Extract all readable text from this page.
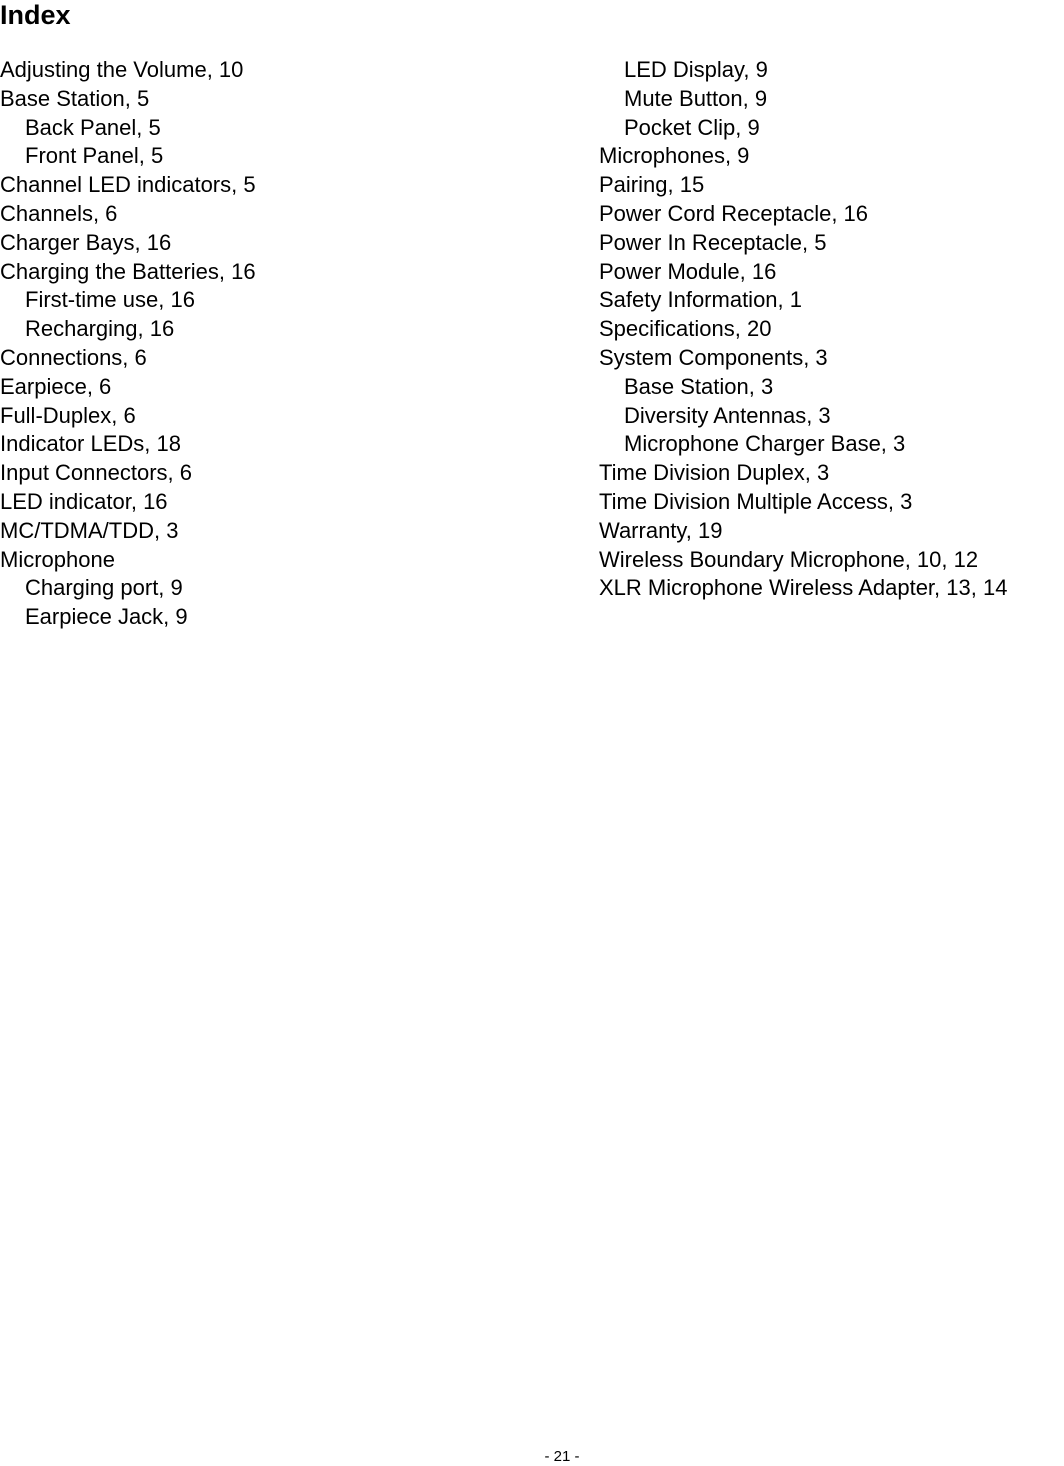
Index
Adjusting the Volume, 10
Base Station, 5
Back Panel, 5
Front Panel, 5
Channel LED indicators, 5
Channels, 6
Charger Bays, 16
Charging the Batteries, 16
First-time use, 16
Recharging, 16
Connections, 6
Earpiece, 6
Full-Duplex, 6
Indicator LEDs, 18
Input Connectors, 6
LED indicator, 16
MC/TDMA/TDD, 3
Microphone
Charging port, 9
Earpiece Jack, 9
LED Display, 9
Mute Button, 9
Pocket Clip, 9
Microphones, 9
Pairing, 15
Power Cord Receptacle, 16
Power In Receptacle, 5
Power Module, 16
Safety Information, 1
Specifications, 20
System Components, 3
Base Station, 3
Diversity Antennas, 3
Microphone Charger Base, 3
Time Division Duplex, 3
Time Division Multiple Access, 3
Warranty, 19
Wireless Boundary Microphone, 10, 12
XLR Microphone Wireless Adapter, 13, 14
- 21 -
